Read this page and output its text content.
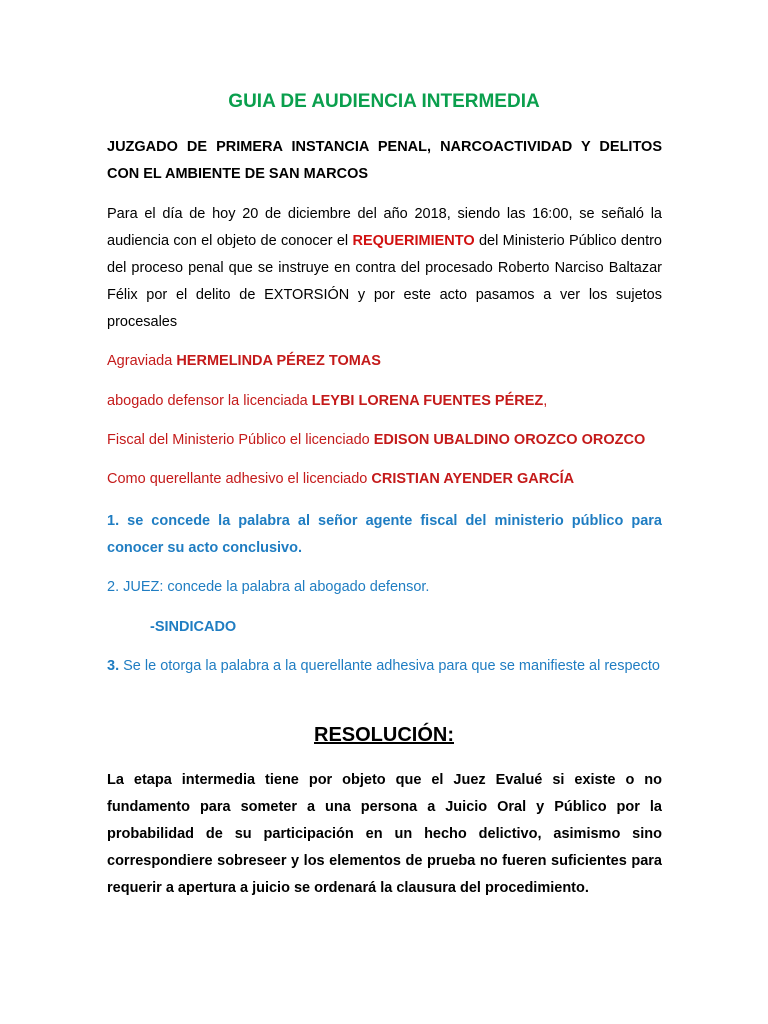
GUIA DE AUDIENCIA INTERMEDIA
JUZGADO DE PRIMERA INSTANCIA PENAL, NARCOACTIVIDAD Y DELITOS CON EL AMBIENTE DE SAN MARCOS
Para el día de hoy 20 de diciembre del año 2018, siendo las 16:00, se señaló la audiencia con el objeto de conocer el REQUERIMIENTO del Ministerio Público dentro del proceso penal que se instruye en contra del procesado Roberto Narciso Baltazar Félix por el delito de EXTORSIÓN y por este acto pasamos a ver los sujetos procesales
Agraviada HERMELINDA PÉREZ TOMAS
abogado defensor la licenciada LEYBI LORENA FUENTES PÉREZ,
Fiscal del Ministerio Público el licenciado EDISON UBALDINO OROZCO OROZCO
Como querellante adhesivo el licenciado CRISTIAN AYENDER GARCÍA
1. se concede la palabra al señor agente fiscal del ministerio público para conocer su acto conclusivo.
2. JUEZ: concede la palabra al abogado defensor.
-SINDICADO
3. Se le otorga la palabra a la querellante adhesiva para que se manifieste al respecto
RESOLUCIÓN:
La etapa intermedia tiene por objeto que el Juez Evalué si existe o no fundamento para someter a una persona a Juicio Oral y Público por la probabilidad de su participación en un hecho delictivo, asimismo sino correspondiere sobreseer y los elementos de prueba no fueren suficientes para requerir a apertura a juicio se ordenará la clausura del procedimiento.
